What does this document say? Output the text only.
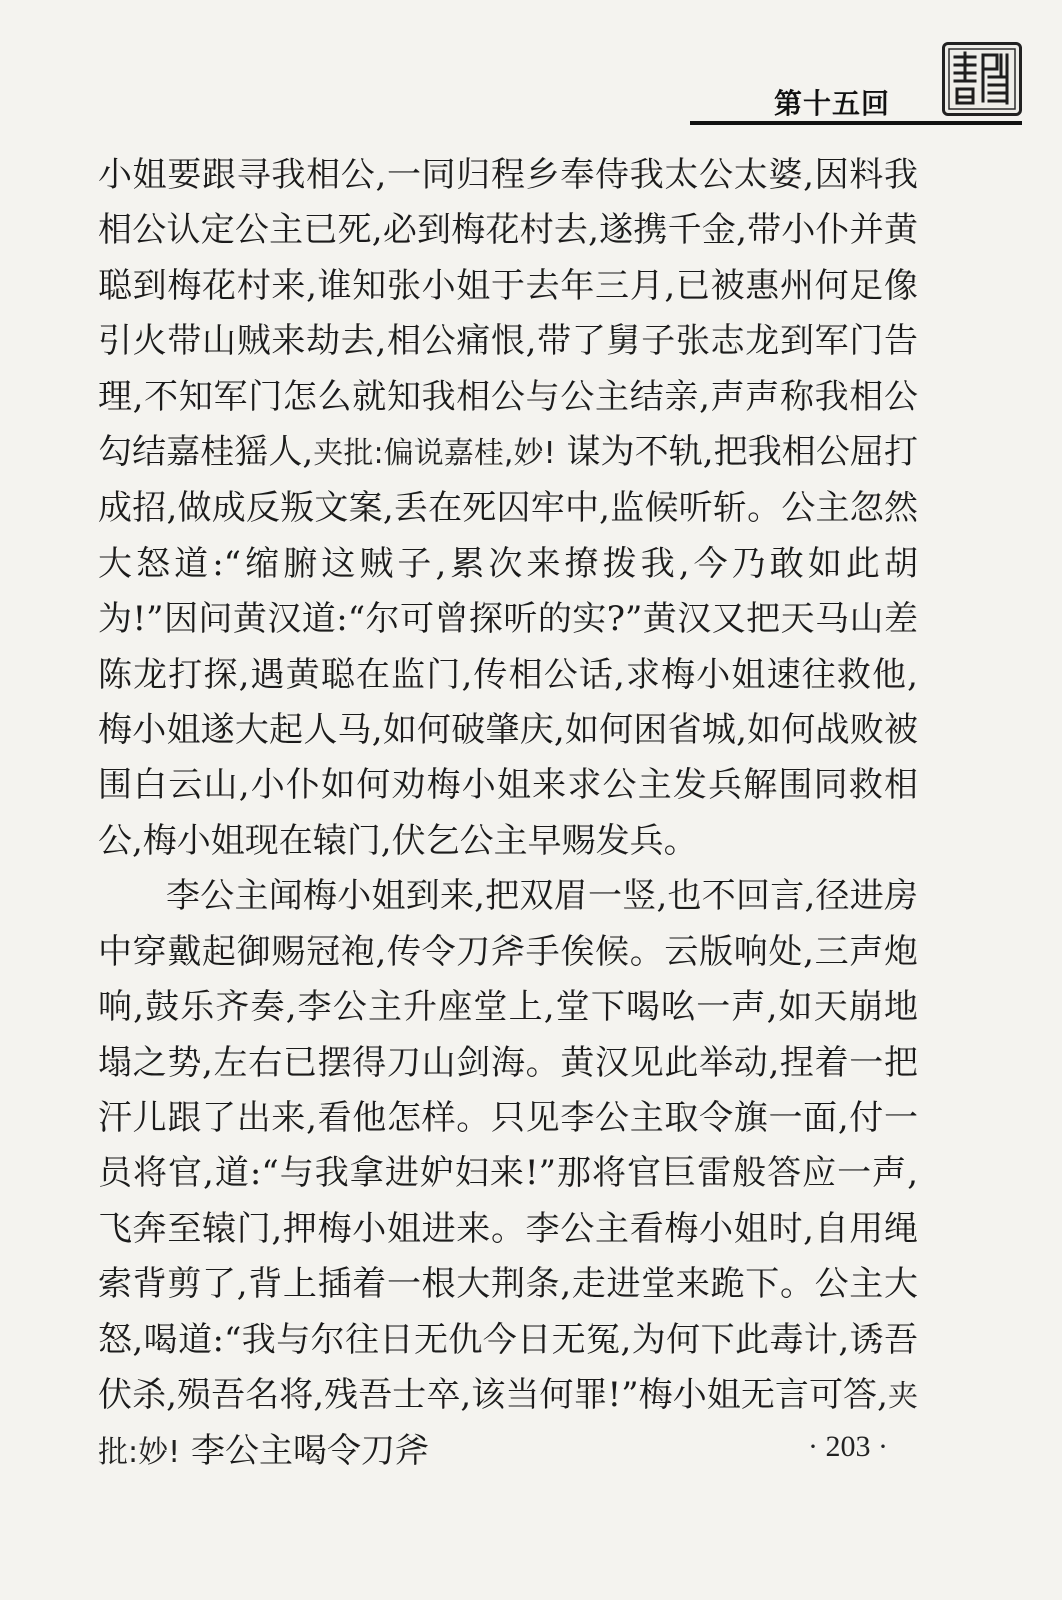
第十五回

小姐要跟寻我相公,一同归程乡奉侍我太公太婆,因料我相公认定公主已死,必到梅花村去,遂携千金,带小仆并黄聪到梅花村来,谁知张小姐于去年三月,已被惠州何足像引火带山贼来劫去,相公痛恨,带了舅子张志龙到军门告理,不知军门怎么就知我相公与公主结亲,声声称我相公勾结嘉桂猺人,夹批:偏说嘉桂,妙! 谋为不轨,把我相公屈打成招,做成反叛文案,丢在死囚牢中,监候听斩。公主忽然大怒道:“缩腑这贼子,累次来撩拨我,今乃敢如此胡为!”因问黄汉道:“尔可曾探听的实?”黄汉又把天马山差陈龙打探,遇黄聪在监门,传相公话,求梅小姐速往救他,梅小姐遂大起人马,如何破肇庆,如何困省城,如何战败被围白云山,小仆如何劝梅小姐来求公主发兵解围同救相公,梅小姐现在辕门,伏乞公主早赐发兵。

李公主闻梅小姐到来,把双眉一竖,也不回言,径进房中穿戴起御赐冠袍,传令刀斧手俟候。云版响处,三声炮响,鼓乐齐奏,李公主升座堂上,堂下喝吆一声,如天崩地塌之势,左右已摆得刀山剑海。黄汉见此举动,捏着一把汗儿跟了出来,看他怎样。只见李公主取令旗一面,付一员将官,道:“与我拿进妒妇来!”那将官巨雷般答应一声,飞奔至辕门,押梅小姐进来。李公主看梅小姐时,自用绳索背剪了,背上插着一根大荆条,走进堂来跪下。公主大怒,喝道:“我与尔往日无仇今日无冤,为何下此毒计,诱吾伏杀,殒吾名将,残吾士卒,该当何罪!”梅小姐无言可答,夹批:妙! 李公主喝令刀斧	· 203 ·
